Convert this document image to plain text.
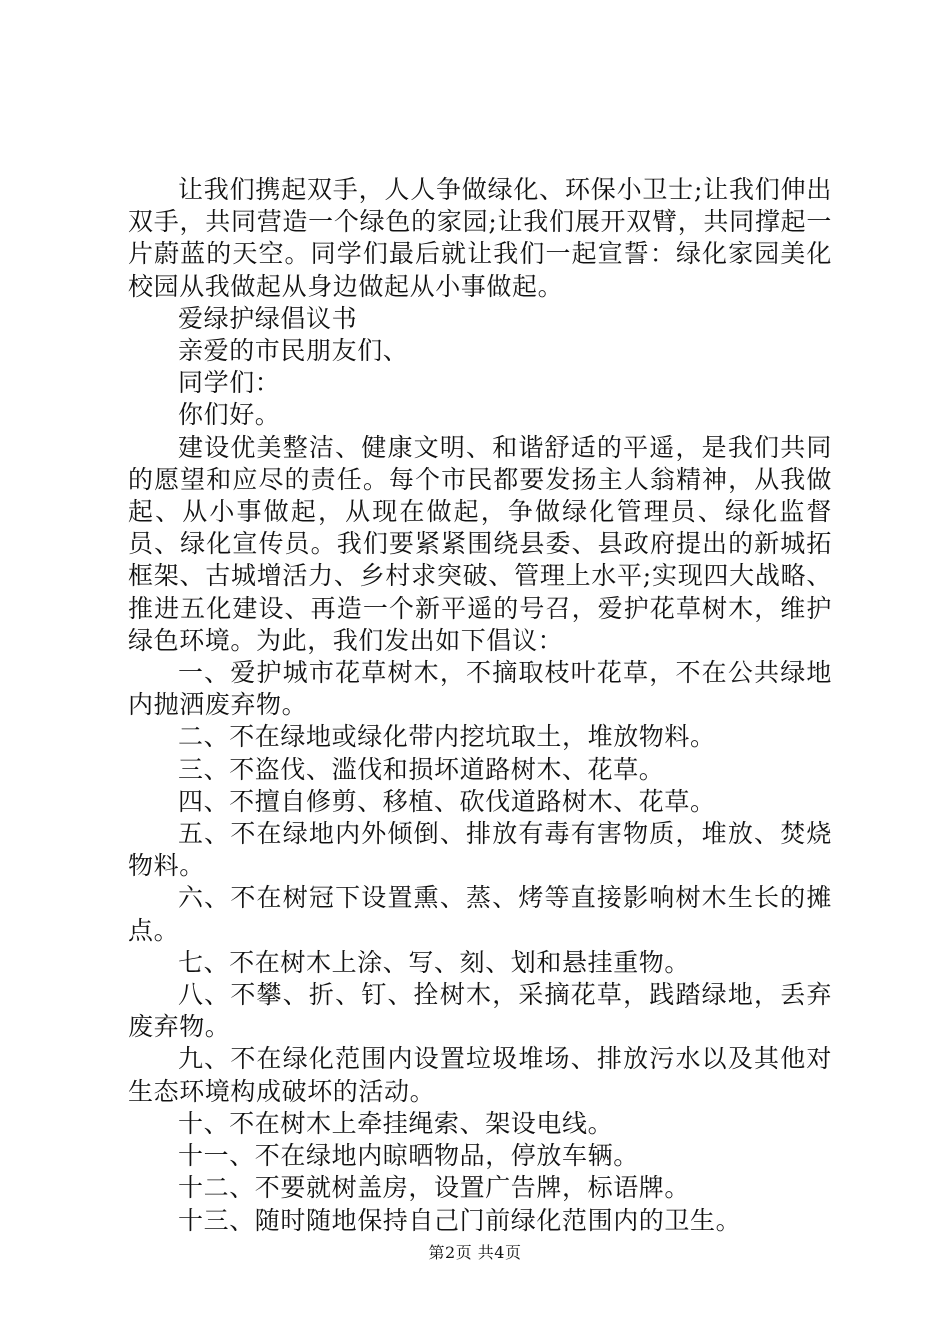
让我们携起双手，人人争做绿化、环保小卫士;让我们伸出双手，共同营造一个绿色的家园;让我们展开双臂，共同撑起一片蔚蓝的天空。同学们最后就让我们一起宣誓：绿化家园美化校园从我做起从身边做起从小事做起。

爱绿护绿倡议书

亲爱的市民朋友们、

同学们：

你们好。

建设优美整洁、健康文明、和谐舒适的平遥，是我们共同的愿望和应尽的责任。每个市民都要发扬主人翁精神，从我做起、从小事做起，从现在做起，争做绿化管理员、绿化监督员、绿化宣传员。我们要紧紧围绕县委、县政府提出的新城拓框架、古城增活力、乡村求突破、管理上水平;实现四大战略、推进五化建设、再造一个新平遥的号召，爱护花草树木，维护绿色环境。为此，我们发出如下倡议：

一、爱护城市花草树木，不摘取枝叶花草，不在公共绿地内抛洒废弃物。

二、不在绿地或绿化带内挖坑取土，堆放物料。

三、不盗伐、滥伐和损坏道路树木、花草。

四、不擅自修剪、移植、砍伐道路树木、花草。

五、不在绿地内外倾倒、排放有毒有害物质，堆放、焚烧物料。

六、不在树冠下设置熏、蒸、烤等直接影响树木生长的摊点。

七、不在树木上涂、写、刻、划和悬挂重物。

八、不攀、折、钉、拴树木，采摘花草，践踏绿地，丢弃废弃物。

九、不在绿化范围内设置垃圾堆场、排放污水以及其他对生态环境构成破坏的活动。

十、不在树木上牵挂绳索、架设电线。

十一、不在绿地内晾晒物品，停放车辆。

十二、不要就树盖房，设置广告牌，标语牌。

十三、随时随地保持自己门前绿化范围内的卫生。

第2页 共4页
